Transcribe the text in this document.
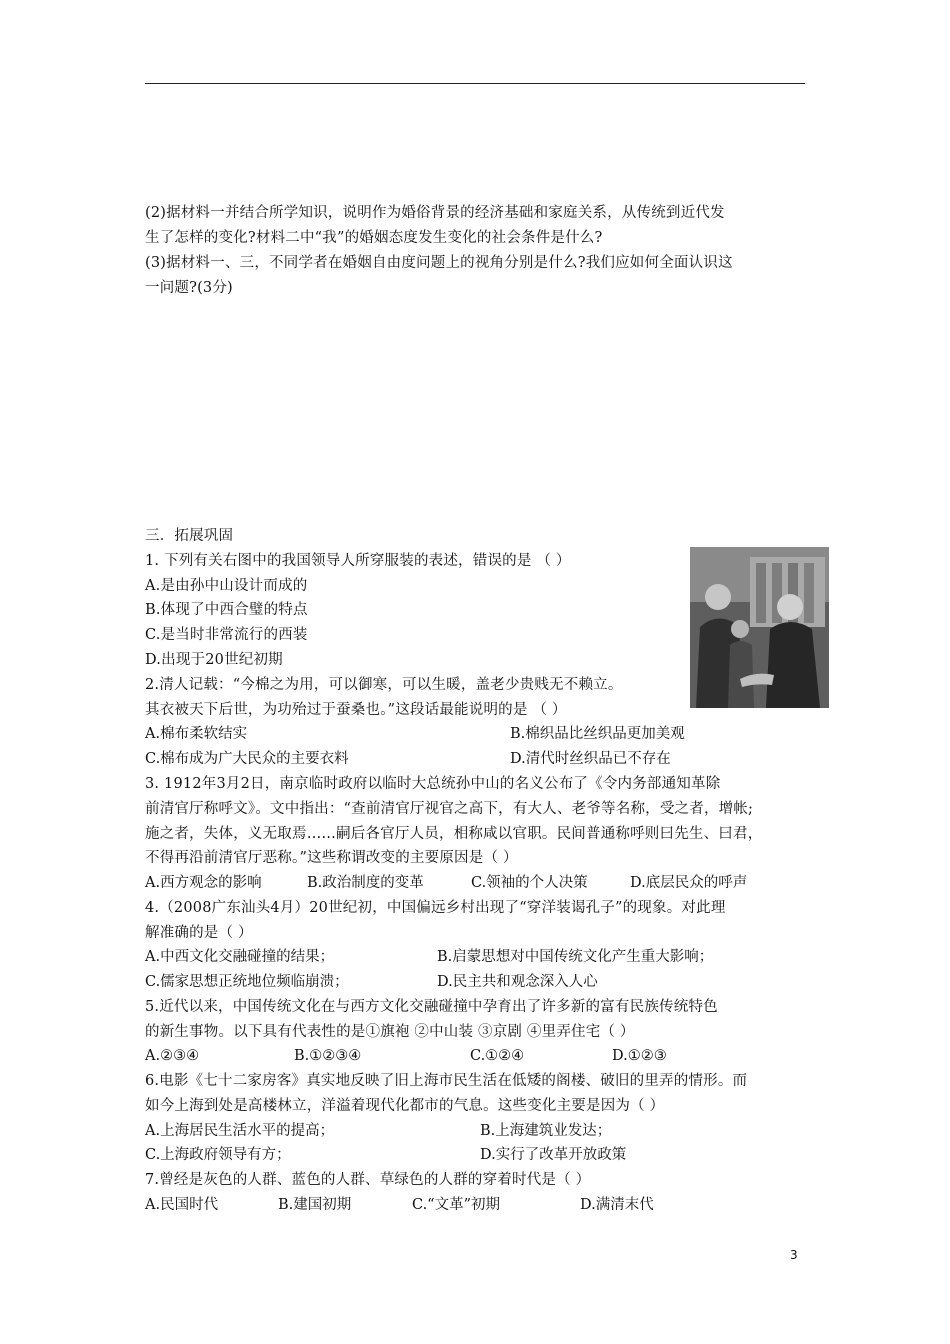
(2)据材料一并结合所学知识，说明作为婚俗背景的经济基础和家庭关系，从传统到近代发
生了怎样的变化?材料二中“我”的婚姻态度发生变化的社会条件是什么?
(3)据材料一、三，不同学者在婚姻自由度问题上的视角分别是什么?我们应如何全面认识这
一问题?(3分)
三．拓展巩固
1. 下列有关右图中的我国领导人所穿服装的表述，错误的是 （ ）
A.是由孙中山设计而成的
B.体现了中西合璧的特点
C.是当时非常流行的西装
D.出现于20世纪初期
2.清人记载：“今棉之为用，可以御寒，可以生暖，盖老少贵贱无不赖立。
其衣被天下后世，为功殆过于蚕桑也。”这段话最能说明的是 （ ）
A.棉布柔软结实	B.棉织品比丝织品更加美观
C.棉布成为广大民众的主要衣料	D.清代时丝织品已不存在
3. 1912年3月2日，南京临时政府以临时大总统孙中山的名义公布了《令内务部通知革除
前清官厅称呼文》。文中指出：“查前清官厅视官之高下，有大人、老爷等名称，受之者，增帐;
施之者，失体，义无取焉……嗣后各官厅人员，相称咸以官职。民间普通称呼则曰先生、曰君，
不得再沿前清官厅恶称。”这些称谓改变的主要原因是（ ）
A.西方观念的影响	B.政治制度的变革	C.领袖的个人决策	D.底层民众的呼声
4.（2008广东汕头4月）20世纪初，中国偏远乡村出现了“穿洋装谒孔子”的现象。对此理
解准确的是（ ）
A.中西文化交融碰撞的结果；	B.启蒙思想对中国传统文化产生重大影响；
C.儒家思想正统地位频临崩溃；	D.民主共和观念深入人心
5.近代以来，中国传统文化在与西方文化交融碰撞中孕育出了许多新的富有民族传统特色
的新生事物。以下具有代表性的是①旗袍 ②中山装 ③京剧 ④里弄住宅（ ）
A.②③④	B.①②③④	C.①②④	D.①②③
6.电影《七十二家房客》真实地反映了旧上海市民生活在低矮的阁楼、破旧的里弄的情形。而
如今上海到处是高楼林立，洋溢着现代化都市的气息。这些变化主要是因为（ ）
A.上海居民生活水平的提高；	B.上海建筑业发达；
C.上海政府领导有方；	D.实行了改革开放政策
7.曾经是灰色的人群、蓝色的人群、草绿色的人群的穿着时代是（ ）
A.民国时代	B.建国初期	C.“文革”初期	D.满清末代
3
